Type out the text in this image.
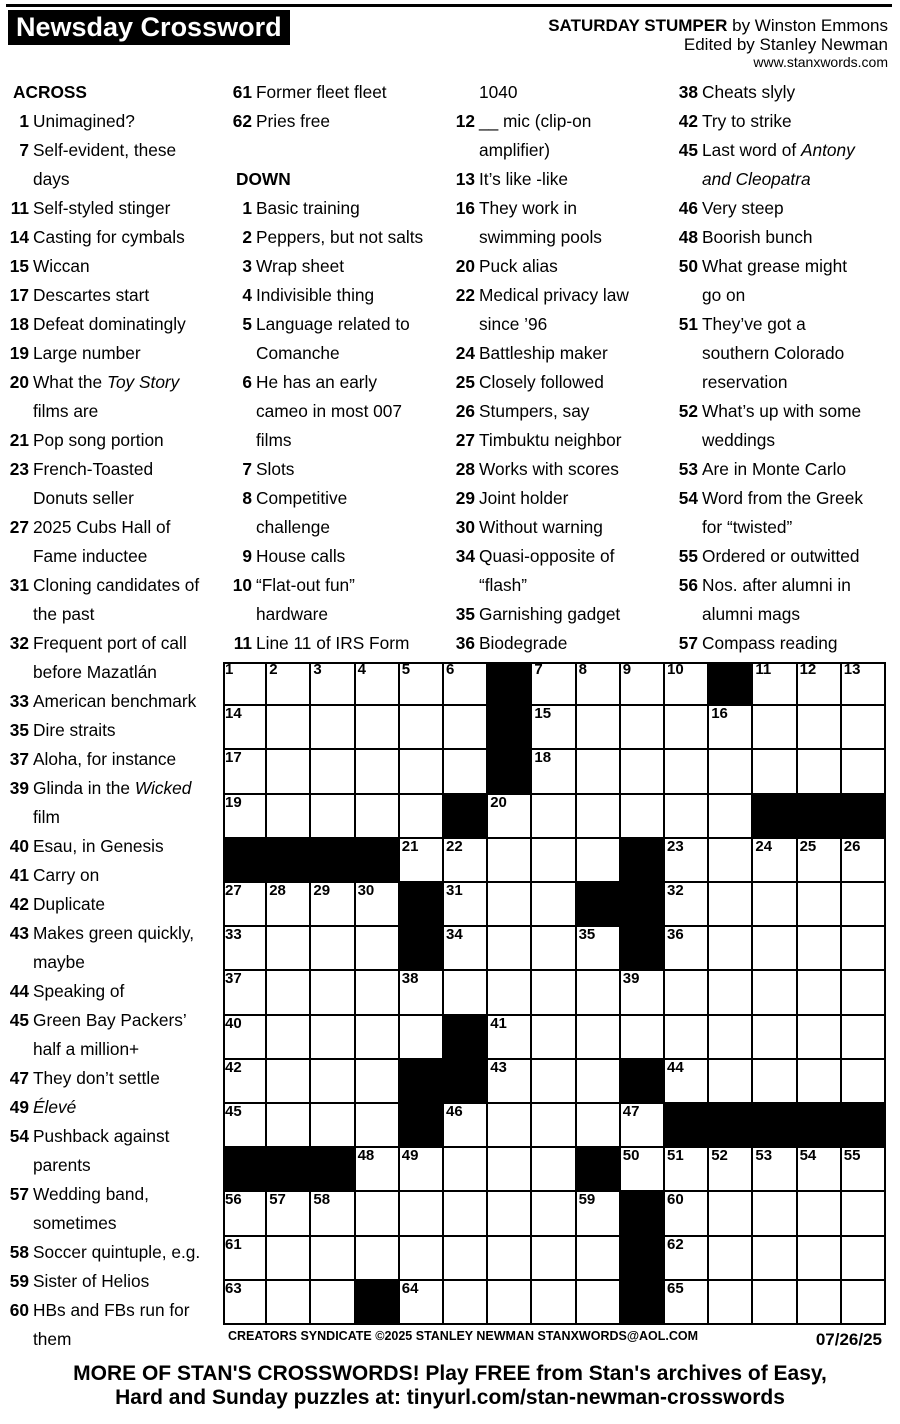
Newsday Crossword	SATURDAY STUMPER by Winston Emmons
Edited by Stanley Newman
www.stanxwords.com
ACROSS
1 Unimagined?
7 Self-evident, these
days
11 Self-styled stinger
14 Casting for cymbals
15 Wiccan
17 Descartes start
18 Defeat dominatingly
19 Large number
20 What the Toy Story
films are
21 Pop song portion
23 French-Toasted
Donuts seller
27 2025 Cubs Hall of
Fame inductee
31 Cloning candidates of
the past
32 Frequent port of call
before Mazatlán
33 American benchmark
35 Dire straits
37 Aloha, for instance
39 Glinda in the Wicked
film
40 Esau, in Genesis
41 Carry on
42 Duplicate
43 Makes green quickly,
maybe
44 Speaking of
45 Green Bay Packers’
half a million+
47 They don’t settle
49 Élevé
54 Pushback against
parents
57 Wedding band,
sometimes
58 Soccer quintuple, e.g.
59 Sister of Helios
60 HBs and FBs run for
them
61 Former fleet fleet
62 Pries free
DOWN
1 Basic training
2 Peppers, but not salts
3 Wrap sheet
4 Indivisible thing
5 Language related to
Comanche
6 He has an early
cameo in most 007
films
7 Slots
8 Competitive
challenge
9 House calls
10 “Flat-out fun”
hardware
11 Line 11 of IRS Form
1040
12 __ mic (clip-on
amplifier)
13 It’s like -like
16 They work in
swimming pools
20 Puck alias
22 Medical privacy law
since ’96
24 Battleship maker
25 Closely followed
26 Stumpers, say
27 Timbuktu neighbor
28 Works with scores
29 Joint holder
30 Without warning
34 Quasi-opposite of
“flash”
35 Garnishing gadget
36 Biodegrade
38 Cheats slyly
42 Try to strike
45 Last word of Antony
and Cleopatra
46 Very steep
48 Boorish bunch
50 What grease might
go on
51 They’ve got a
southern Colorado
reservation
52 What’s up with some
weddings
53 Are in Monte Carlo
54 Word from the Greek
for “twisted”
55 Ordered or outwitted
56 Nos. after alumni in
alumni mags
57 Compass reading
1 2 3 4 5 6	7 8 9 10	11 12 13
14	15	16
17	18
19	20
21 22	23	24 25 26
27 28 29 30	31	32
33	34	35	36
37	38	39
40	41
42	43	44
45	46	47
48 49	50 51 52 53 54 55
56 57 58	59	60
61	62
63	64	65
CREATORS SYNDICATE ©2025 STANLEY NEWMAN STANXWORDS@AOL.COM	07/26/25
MORE OF STAN'S CROSSWORDS! Play FREE from Stan's archives of Easy,
Hard and Sunday puzzles at: tinyurl.com/stan-newman-crosswords
